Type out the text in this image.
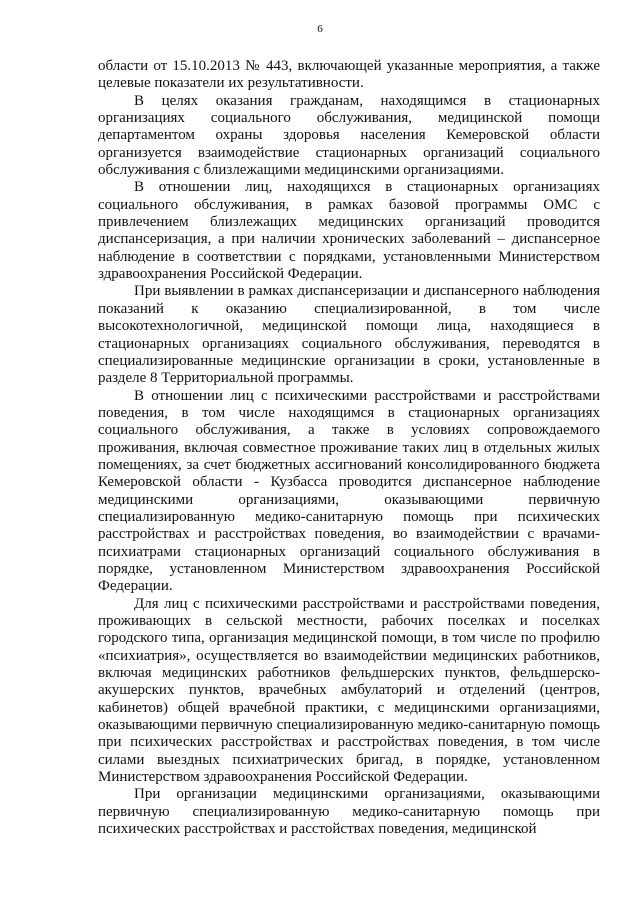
6

области от 15.10.2013 № 443, включающей указанные мероприятия, а также целевые показатели их результативности.

В целях оказания гражданам, находящимся в стационарных организациях социального обслуживания, медицинской помощи департаментом охраны здоровья населения Кемеровской области организуется взаимодействие стационарных организаций социального обслуживания с близлежащими медицинскими организациями.

В отношении лиц, находящихся в стационарных организациях социального обслуживания, в рамках базовой программы ОМС с привлечением близлежащих медицинских организаций проводится диспансеризация, а при наличии хронических заболеваний – диспансерное наблюдение в соответствии с порядками, установленными Министерством здравоохранения Российской Федерации.

При выявлении в рамках диспансеризации и диспансерного наблюдения показаний к оказанию специализированной, в том числе высокотехнологичной, медицинской помощи лица, находящиеся в стационарных организациях социального обслуживания, переводятся в специализированные медицинские организации в сроки, установленные в разделе 8 Территориальной программы.

В отношении лиц с психическими расстройствами и расстройствами поведения, в том числе находящимся в стационарных организациях социального обслуживания, а также в условиях сопровождаемого проживания, включая совместное проживание таких лиц в отдельных жилых помещениях, за счет бюджетных ассигнований консолидированного бюджета Кемеровской области - Кузбасса проводится диспансерное наблюдение медицинскими организациями, оказывающими первичную специализированную медико-санитарную помощь при психических расстройствах и расстройствах поведения, во взаимодействии с врачами-психиатрами стационарных организаций социального обслуживания в порядке, установленном Министерством здравоохранения Российской Федерации.

Для лиц с психическими расстройствами и расстройствами поведения, проживающих в сельской местности, рабочих поселках и поселках городского типа, организация медицинской помощи, в том числе по профилю «психиатрия», осуществляется во взаимодействии медицинских работников, включая медицинских работников фельдшерских пунктов, фельдшерско-акушерских пунктов, врачебных амбулаторий и отделений (центров, кабинетов) общей врачебной практики, с медицинскими организациями, оказывающими первичную специализированную медико-санитарную помощь при психических расстройствах и расстройствах поведения, в том числе силами выездных психиатрических бригад, в порядке, установленном Министерством здравоохранения Российской Федерации.

При организации медицинскими организациями, оказывающими первичную специализированную медико-санитарную помощь при психических расстройствах и расстойствах поведения, медицинской
